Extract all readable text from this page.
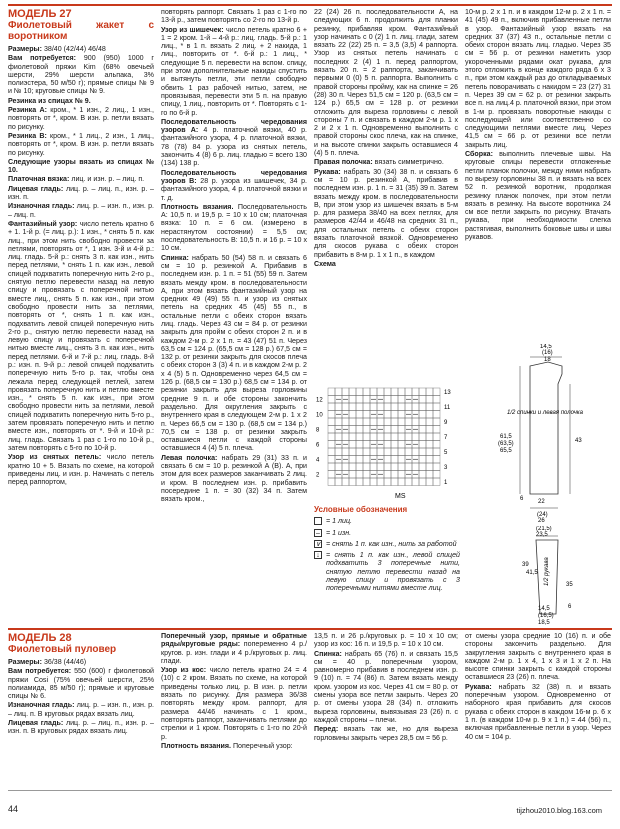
МОДЕЛЬ 27
Фиолетовый жакет с воротником

Размеры: 38/40 (42/44) 46/48

Вам потребуется: 900 (950) 1000 г фиолетовой пряжи Kim (68% овечьей шерсти, 29% шерсти альпака, 3% полиэстера, 50 м/50 г); прямые спицы № 9 и № 10; круговые спицы № 9.

Резинка из спицах № 9.

Резинка А: кром., * 1 изн., 2 лиц., 1 изн., повторять от *, кром. В изн. р. петли вязать по рисунку.

Резинка В: кром., * 1 лиц., 2 изн., 1 лиц., повторять от *, кром. В изн. р. петли вязать по рисунку.

Следующие узоры вязать из спицах № 10.

Платочная вязка: лиц. и изн. р. – лиц. п.

Лицевая гладь: лиц. р. – лиц. п., изн. р. – изн. п.

Изнаночная гладь: лиц. р. – изн. п., изн. р. – лиц. п.

Фантазийный узор: число петель кратно 6 + 1. 1-й р. (= лиц. р.): 1 изн., * снять 5 п. как лиц., при этом нить свободно провести за петлями, повторять от *, 1 изн. 3-й и 4-й р.: лиц. гладь. 5-й р.: снять 3 п. как изн., нить перед петлями, * снять 1 п. как изн., левой спицей подхватить поперечную нить 2-го р., снятую петлю перевести назад на левую спицу и провязать с поперечной нитью вместе лиц., снять 5 п. как изн., при этом свободно провести нить за петлями, повторять от *, снять 1 п. как изн., подхватить левой спицей поперечную нить 2-го р., снятую петлю перевести назад на левую спицу и провязать с поперечной нитью вместе лиц., снять 3 п. как изн., нить перед петлями. 6-й и 7-й р.: лиц. гладь. 8-й р.: изн. п. 9-й р.: левой спицей подхватить поперечную нить 5-го р. так, чтобы она лежала перед следующей петлей, затем провязать поперечную нить и петлю вместе изн., * снять 5 п. как изн., при этом свободно провести нить за петлями, левой спицей подхватить поперечную нить 5-го р., затем провязать поперечную нить и петлю вместе изн., повторять от *. 9-й и 10-й р.: лиц. гладь. Связать 1 раз с 1-го по 10-й р., затем повторять с 5-го по 10-й р.

Узор из снятых петель: число петель кратно 10 + 5. Вязать по схеме, на которой приведены лиц. и изн. р. Начинать с петель перед раппортом,

повторять раппорт. Связать 1 раз с 1-го по 13-й р., затем повторять со 2-го по 13-й р.

Узор из шишечек: число петель кратно 6 + 1 = 2 кром. 1-й – 4-й р.: лиц. гладь. 5-й р.: 1 лиц., * в 1 п. вязать 2 лиц. + 2 накида, 1 лиц., повторить от *. 6-й р.: 1 лиц., * следующие 5 п. перевести на вспом. спицу, при этом дополнительные накиды спустить и вытянуть петли, эти петли свободно обвить 1 раз рабочей нитью, затем, не провязывая, перевести эти 5 п. на правую спицу, 1 лиц., повторить от *. Повторять с 1-го по 6-й р.

Последовательность чередования узоров А: 4 р. платочной вязки, 40 р. фантазийного узора, 4 р. платочной вязки, 78 (78) 84 р. узора из снятых петель, закончить 4 (8) 6 р. лиц. гладью = всего 130 (134) 138 р.

Последовательность чередования узоров В: 28 р. узора из шишечек, 34 р. фантазийного узора, 4 р. платочной вязки и т. д.

Плотность вязания. Последовательность А: 10,5 п. и 19,5 р. = 10 х 10 см; платочная вязка: 10 п. = 6 см. (измерено в нерастянутом состоянии) = 5,5 см; последовательность В: 10,5 п. и 16 р. = 10 х 10 см.

Спинка: набрать 50 (54) 58 п. и связать 6 см = 10 р. резинкой А. Прибавив в последнем изн. р. 1 п. = 51 (55) 59 п. Затем вязать между кром. в последовательности А, при этом вязать фантазийный узор на средних 49 (49) 55 п. и узор из снятых петель на средних 45 (45) 55 п., в остальные петли с обеих сторон вязать лиц. гладь. Через 43 см = 84 р. от резинки закрыть для пройм с обеих сторон 2 п. и в каждом 2-м р. 2 х 1 п. = 43 (47) 51 п. Через 63,5 см = 124 р. (65,5 см = 128 р.) 67,5 см = 132 р. от резинки закрыть для скосов плеча с обеих сторон 3 (3) 4 п. и в каждом 2-м р. 2 х 4 (5) 5 п. Одновременно через 64,5 см = 126 р. (68,5 см = 130 р.) 68,5 см = 134 р. от резинки закрыть для выреза горловины средние 9 п. и обе стороны закончить раздельно. Для округления закрыть с внутреннего края в следующем 2-м р. 1 х 2 п. Через 66,5 см = 130 р. (68,5 см = 134 р.) 70,5 см = 138 р. от резинки закрыть оставшиеся петли с каждой стороны оставшиеся 4 (4) 5 п. плеча.

Левая полочка: набрать 29 (31) 33 п. и связать 6 см = 10 р. резинкой А (В). А, при этом для всех размеров заканчивать 2 лиц. и кром. В последнем изн. р. прибавить посередине 1 п. = 30 (32) 34 п. Затем вязать кром.,

22 (24) 26 п. последовательности А, на следующих 6 п. продолжить для планки резинку, прибавляя кром. Фантазийный узор начинать с 0 (2) 1 п. лиц. глади, затем вязать 22 (22) 25 п. = 3,5 (3,5) 4 раппорта. Узор из снятых петель начинать с последних 2 (4) 1 п. перед раппортом, вязать 20 п. = 2 раппорта, заканчивать первыми 0 (0) 5 п. раппорта. Выполнить с правой стороны пройму, как на спинке = 26 (28) 30 п. Через 51,5 см = 120 р. (63,5 см = 124 р.) 65,5 см = 128 р. от резинки отложить для выреза горловины с левой стороны 7 п. и связать в каждом 2-м р. 1 х 2 и 2 х 1 п. Одновременно выполнить с правой стороны скос плеча, как на спинке, и на высоте спинки закрыть оставшиеся 4 (4) 5 п. плеча.

Правая полочка: вязать симметрично.

Рукава: набрать 30 (34) 38 п. и связать 6 см = 10 р. резинкой А, прибавив в последнем изн. р. 1 п. = 31 (35) 39 п. Затем вязать между кром. в последовательности В, при этом узор из шишечек вязать в 5-м р. для размера 38/40 на всех петлях, для размеров 42/44 и 46/48 на средних 31 п., для остальных петель с обеих сторон вязать платочной вязкой. Одновременно для скосов рукава с обеих сторон прибавить в 8-м р. 1 х 1 п., в каждом

Схема

10-м р. 2 х 1 п. и в каждом 12-м р. 2 х 1 п. = 41 (45) 49 п., включив прибавленные петли в узор. Фантазийный узор вязать на средних 37 (37) 43 п., остальные петли с обеих сторон вязать лиц. гладью. Через 35 см = 56 р. от резинки наметить узор укороченными рядами окат рукава, для этого отложить в конце каждого ряда 6 х 3 п., при этом каждый раз до откладываемых петель поворачивать с накидом = 23 (27) 31 п. Через 39 см = 62 р. от резинки закрыть все п. на лиц.4 р. платочной вязки, при этом в 1-м р. провязать поворотные накиды с последующей или соответственно со следующими петлями вместе лиц. Через 41,5 см = 66 р. от резинки все петли закрыть лиц.

Сборка: выполнить плечевые швы. На круговые спицы перевести отложенные петли планок полочки, между ними набрать по вырезу горловины 38 п. и вязать на всех 52 п. резинкой воротник, продолжая резинку планок полочек, при этом петли вязать в резинку. На высоте воротника 24 см все петли закрыть по рисунку. Втачать рукава, при необходимости слегка растягивая, выполнить боковые швы и швы рукавов.

12
10
8
6
4
2
13
11
9
7
5
3
1
MS
Условные обозначения
= 1 лиц.
– = 1 изн.
∨ = снять 1 п. как изн., нить за работой
↓ = снять 1 п. как изн., левой спицей подхватить 3 поперечные нити, снятую петлю перевести назад на левую спицу и провязать с 3 поперечными нитями вместе лиц.
14,5
(16)
18
1/2 спинки и левая полочка
61,5
(63,5)
65,5
43
22
(24)
26
6
(21,5)
23,5
1/2 рукава
39
41,5
35
14,5
(16,5)
18,5
6
МОДЕЛЬ 28
Фиолетовый пуловер

Размеры: 36/38 (44/46)

Вам потребуется: 550 (600) г фиолетовой пряжи Cosi (75% овечьей шерсти, 25% полиамида, 85 м/50 г); прямые и круговые спицы № 6.

Изнаночная гладь: лиц. р. – изн. п., изн. р. – лиц. п. В круговых рядах вязать лиц.

Лицевая гладь: лиц. р. – лиц. п., изн. р. – изн. п. В круговых рядах вязать лиц.

Поперечный узор, прямые и обратные ряды/круговые ряды: попеременно 4 р./кругов. р. изн. глади и 4 р./круговых р. лиц. глади.

Узор из кос: число петель кратно 24 = 4 (10) с 2 кром. Вязать по схеме, на которой приведены только лиц. р. В изн. р. петли вязать по рисунку. Для размера 36/38 повторять между кром. раппорт, для размера 44/46 начинать с 1 кром., повторять раппорт, заканчивать петлями до стрелки и 1 кром. Повторять с 1-го по 20-й р.

Плотность вязания. Поперечный узор:

13,5 п. и 26 р./круговых р. = 10 х 10 см; узор из кос: 16 п. и 19,5 р. = 10 х 10 см.

Спинка: набрать 65 (76) п. и связать 15,5 см = 40 р. поперечным узором, равномерно прибавив в последнем изн. р. 9 (10) п. = 74 (86) п. Затем вязать между кром. узором из кос. Через 41 см = 80 р. от смены узора все петли закрыть. Через 20 р. от смены узора 28 (34) п. отложить выреза горловины, вывязывая 23 (26) п. с каждой стороны – плечи.

Перед: вязать так же, но для выреза горловины закрыть через 28,5 см = 56 р.

от смены узора средние 10 (16) п. и обе стороны закончить раздельно. Для закругления закрыть с внутреннего края в каждом 2-м р. 1 х 4, 1 х 3 и 1 х 2 п. На высоте спинки закрыть с каждой стороны оставшиеся 23 (26) п. плеча.

Рукава: набрать 32 (38) п. и вязать поперечным узором. Одновременно от наборного края прибавить для скосов рукава с обеих сторон в каждом 16-м р. 6 х 1 п. (в каждом 10-м р. 9 х 1 п.) = 44 (56) п., включая прибавленные петли в узор. Через 40 см = 104 р.

44	tijzhou2010.blog.163.com
